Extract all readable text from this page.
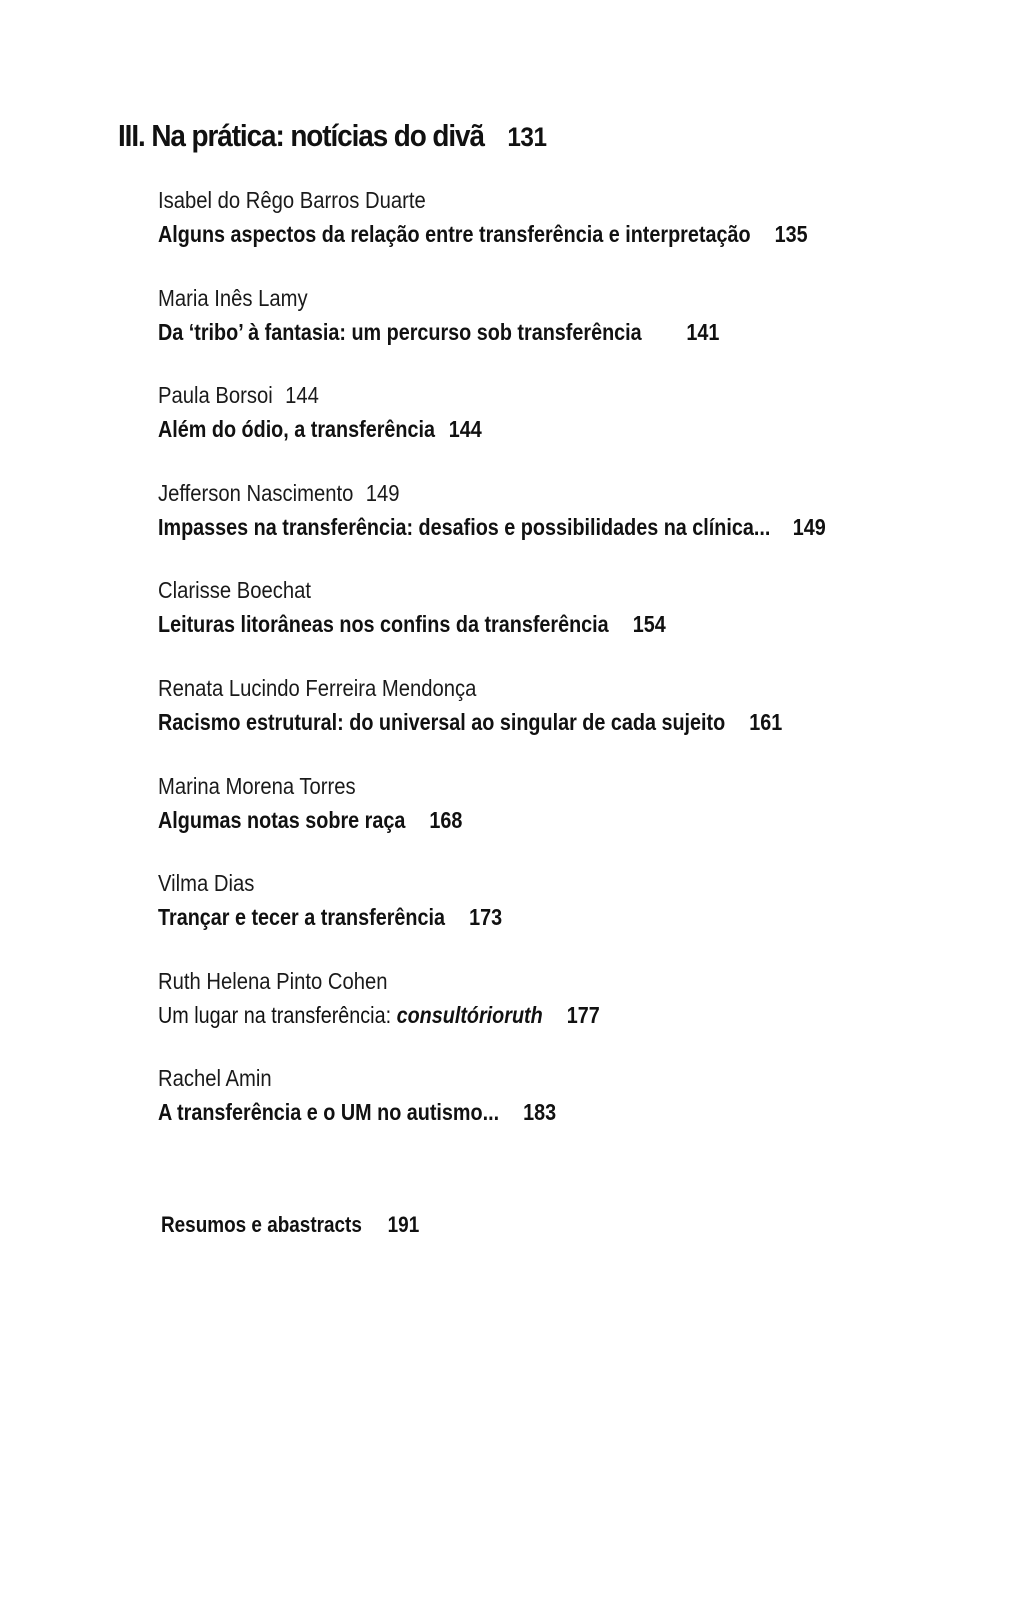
III. Na prática: notícias do divã 131
Isabel do Rêgo Barros Duarte
Alguns aspectos da relação entre transferência e interpretação 135
Maria Inês Lamy
Da ‘tribo’ à fantasia: um percurso sob transferência 141
Paula Borsoi 144
Além do ódio, a transferência 144
Jefferson Nascimento 149
Impasses na transferência: desafios e possibilidades na clínica... 149
Clarisse Boechat
Leituras litorâneas nos confins da transferência 154
Renata Lucindo Ferreira Mendonça
Racismo estrutural: do universal ao singular de cada sujeito 161
Marina Morena Torres
Algumas notas sobre raça 168
Vilma Dias
Trançar e tecer a transferência 173
Ruth Helena Pinto Cohen
Um lugar na transferência: consultórioruth 177
Rachel Amin
A transferência e o UM no autismo... 183
Resumos e abastracts 191
